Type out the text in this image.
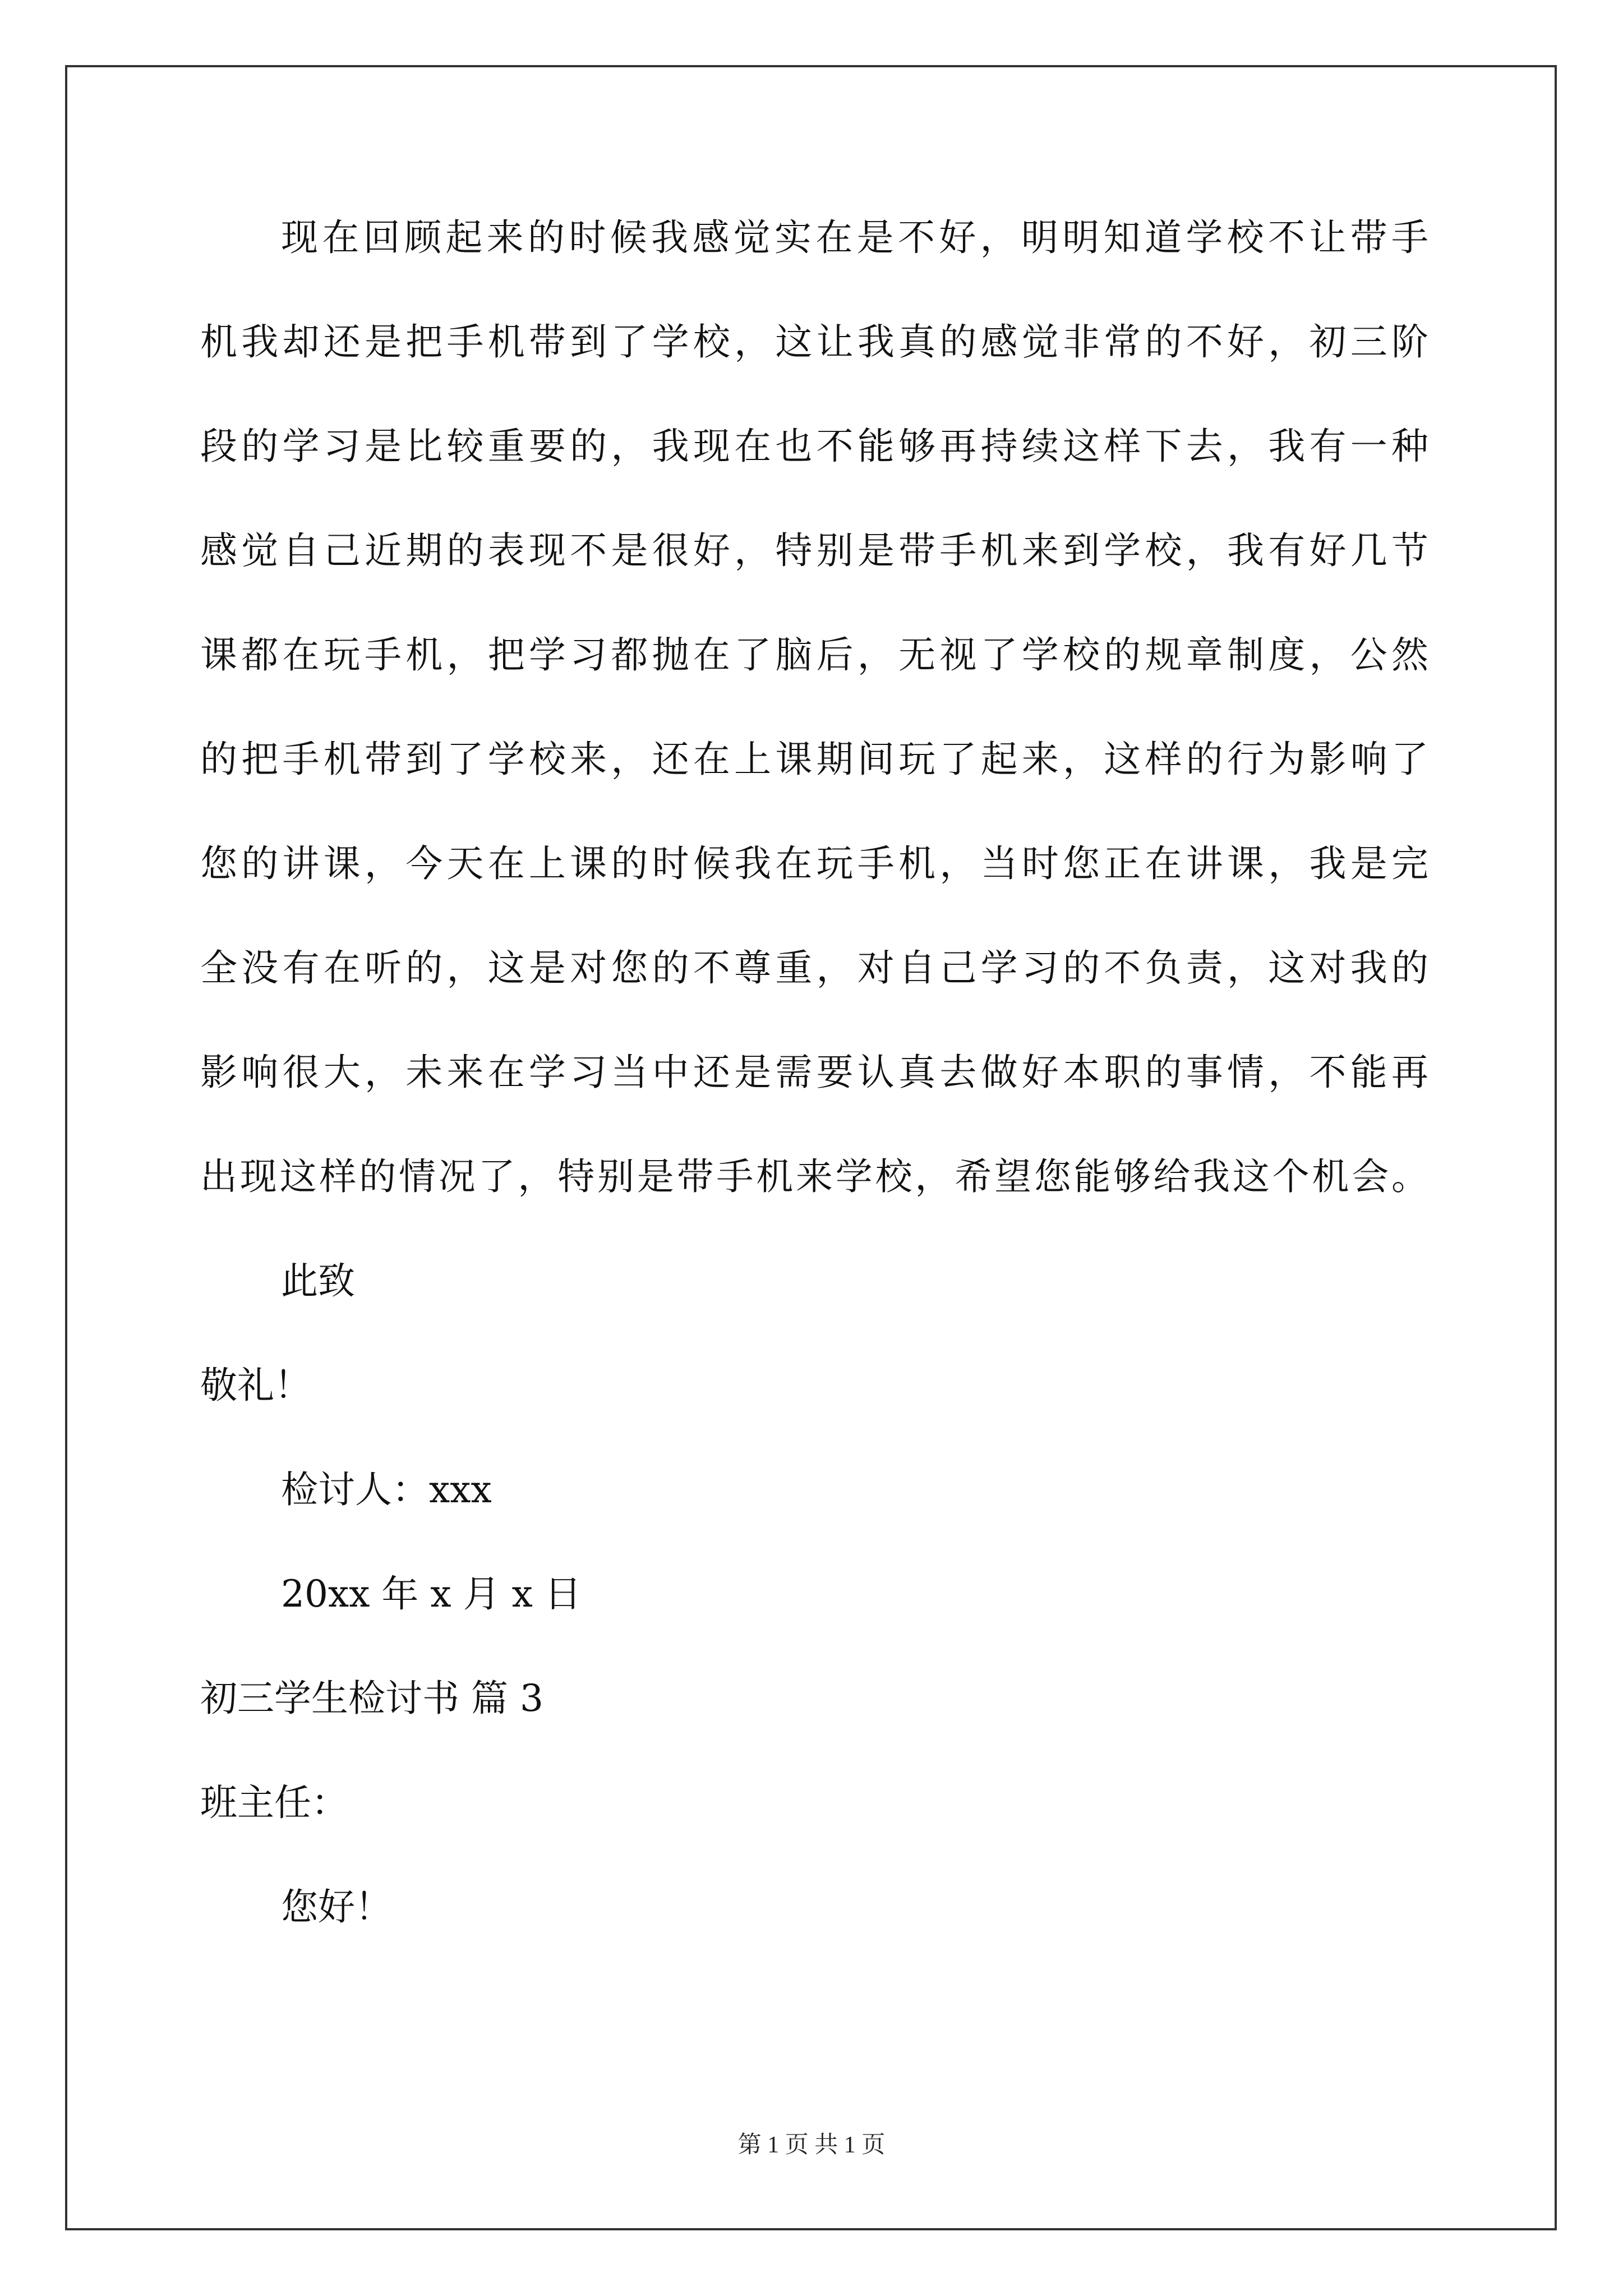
现在回顾起来的时候我感觉实在是不好，明明知道学校不让带手
机我却还是把手机带到了学校，这让我真的感觉非常的不好，初三阶
段的学习是比较重要的，我现在也不能够再持续这样下去，我有一种
感觉自己近期的表现不是很好，特别是带手机来到学校，我有好几节
课都在玩手机，把学习都抛在了脑后，无视了学校的规章制度，公然
的把手机带到了学校来，还在上课期间玩了起来，这样的行为影响了
您的讲课，今天在上课的时候我在玩手机，当时您正在讲课，我是完
全没有在听的，这是对您的不尊重，对自己学习的不负责，这对我的
影响很大，未来在学习当中还是需要认真去做好本职的事情，不能再
出现这样的情况了，特别是带手机来学校，希望您能够给我这个机会。
此致
敬礼！
检讨人：xxx
20xx 年 x 月 x 日
初三学生检讨书 篇 3
班主任：
您好！
第 1 页 共 1 页
